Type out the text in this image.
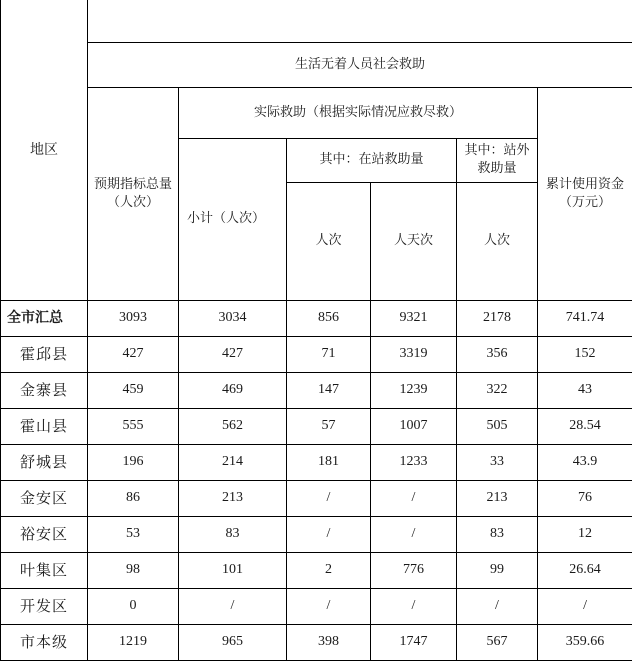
地区						
	生活无着人员社会救助					
	预期指标总量（人次）	实际救助（根据实际情况应救尽救）				累计使用资金（万元）
		小计（人次）	其中：在站救助量		其中：站外救助量	

			人次	人天次	人次	

全市汇总	3093	3034	856	9321	2178	741.74
霍邱县	427	427	71	3319	356	152
金寨县	459	469	147	1239	322	43
霍山县	555	562	57	1007	505	28.54
舒城县	196	214	181	1233	33	43.9
金安区	86	213	/	/	213	76
裕安区	53	83	/	/	83	12
叶集区	98	101	2	776	99	26.64
开发区	0	/	/	/	/	/
市本级	1219	965	398	1747	567	359.66
